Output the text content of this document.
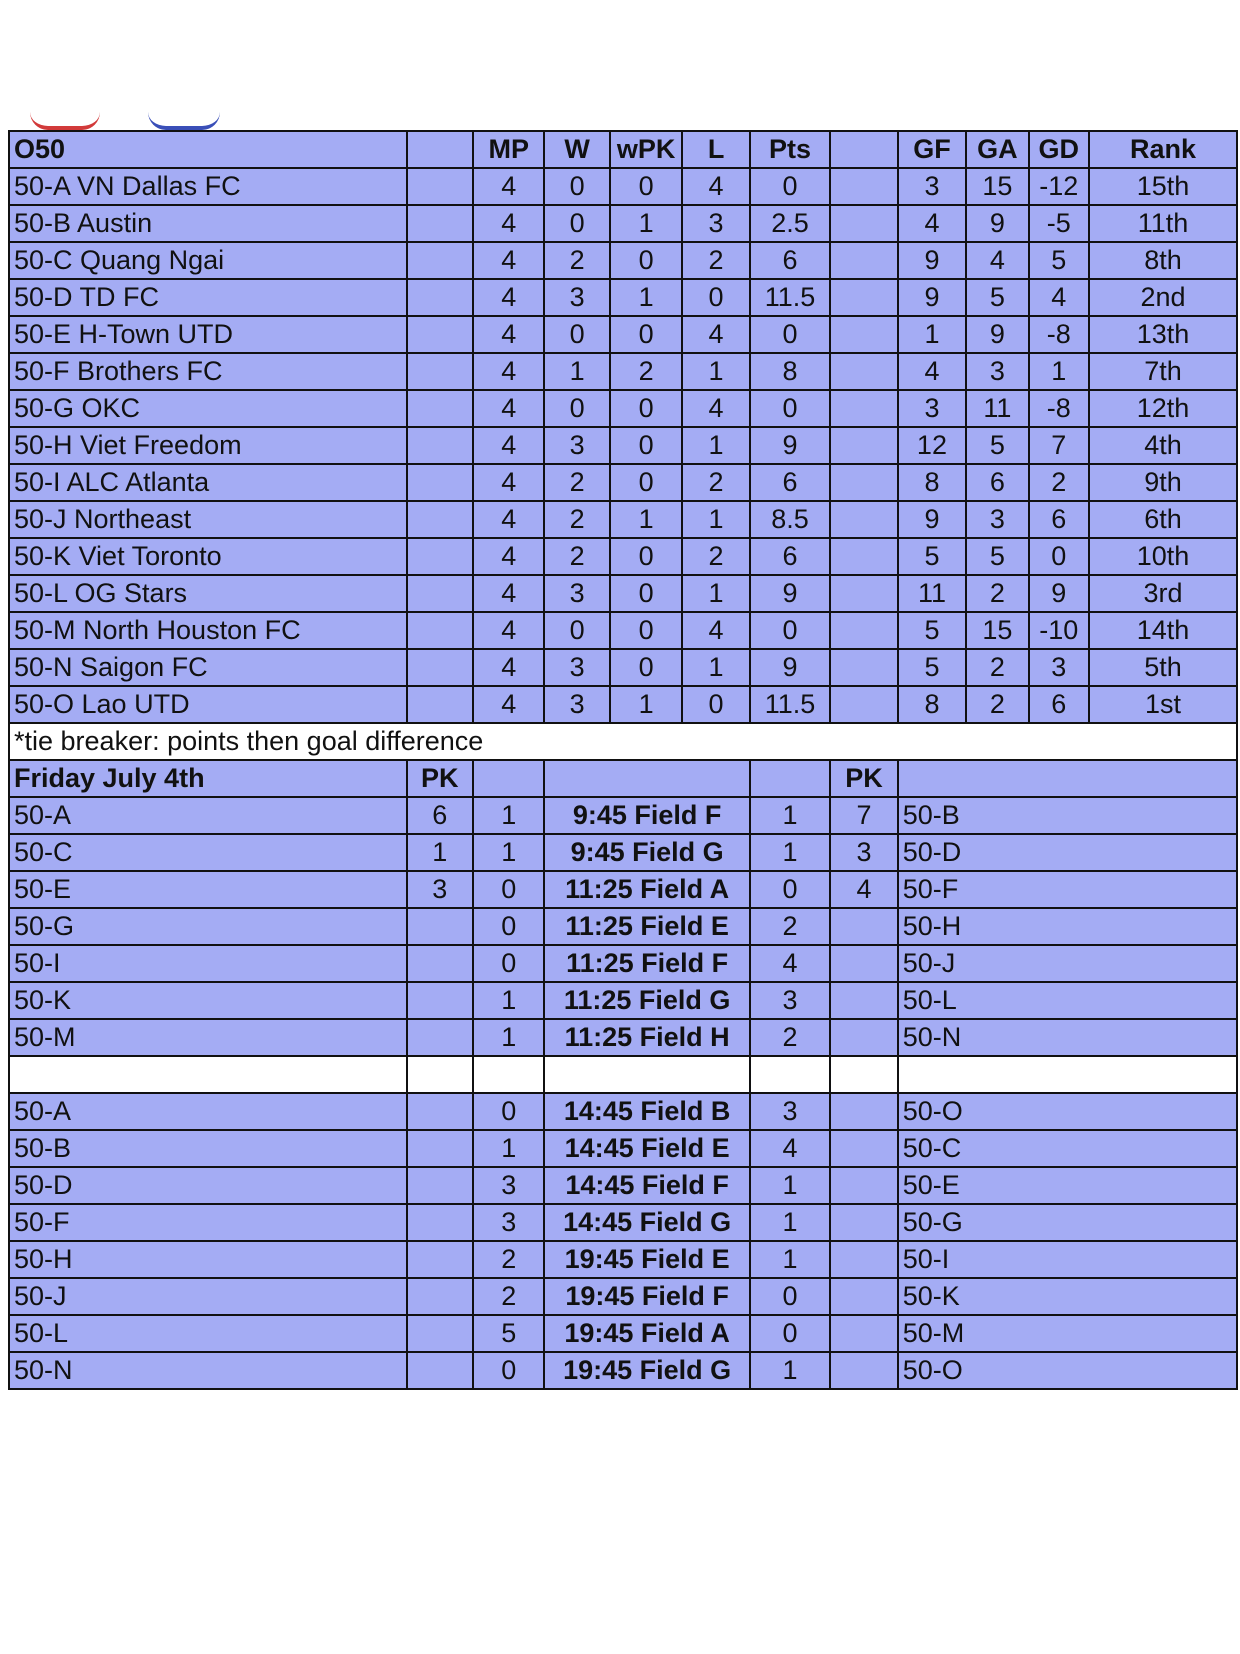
O50		MP	W	wPK	L	Pts		GF	GA	GD	Rank
50-A VN Dallas FC		4	0	0	4	0		3	15	-12	15th
50-B Austin		4	0	1	3	2.5		4	9	-5	11th
50-C Quang Ngai		4	2	0	2	6		9	4	5	8th
50-D TD FC		4	3	1	0	11.5		9	5	4	2nd
50-E H-Town UTD		4	0	0	4	0		1	9	-8	13th
50-F Brothers FC		4	1	2	1	8		4	3	1	7th
50-G OKC		4	0	0	4	0		3	11	-8	12th
50-H Viet Freedom		4	3	0	1	9		12	5	7	4th
50-I ALC Atlanta		4	2	0	2	6		8	6	2	9th
50-J Northeast		4	2	1	1	8.5		9	3	6	6th
50-K Viet Toronto		4	2	0	2	6		5	5	0	10th
50-L OG Stars		4	3	0	1	9		11	2	9	3rd
50-M North Houston FC		4	0	0	4	0		5	15	-10	14th
50-N Saigon FC		4	3	0	1	9		5	2	3	5th
50-O Lao UTD		4	3	1	0	11.5		8	2	6	1st
*tie breaker: points then goal difference											
Friday July 4th	PK						PK				
50-A	6	1	9:45 Field F			1	7	50-B			
50-C	1	1	9:45 Field G			1	3	50-D			
50-E	3	0	11:25 Field A			0	4	50-F			
50-G		0	11:25 Field E			2		50-H			
50-I		0	11:25 Field F			4		50-J			
50-K		1	11:25 Field G			3		50-L			
50-M		1	11:25 Field H			2		50-N			

50-A		0	14:45 Field B			3		50-O			
50-B		1	14:45 Field E			4		50-C			
50-D		3	14:45 Field F			1		50-E			
50-F		3	14:45 Field G			1		50-G			
50-H		2	19:45 Field E			1		50-I			
50-J		2	19:45 Field F			0		50-K			
50-L		5	19:45 Field A			0		50-M			
50-N		0	19:45 Field G			1		50-O			
